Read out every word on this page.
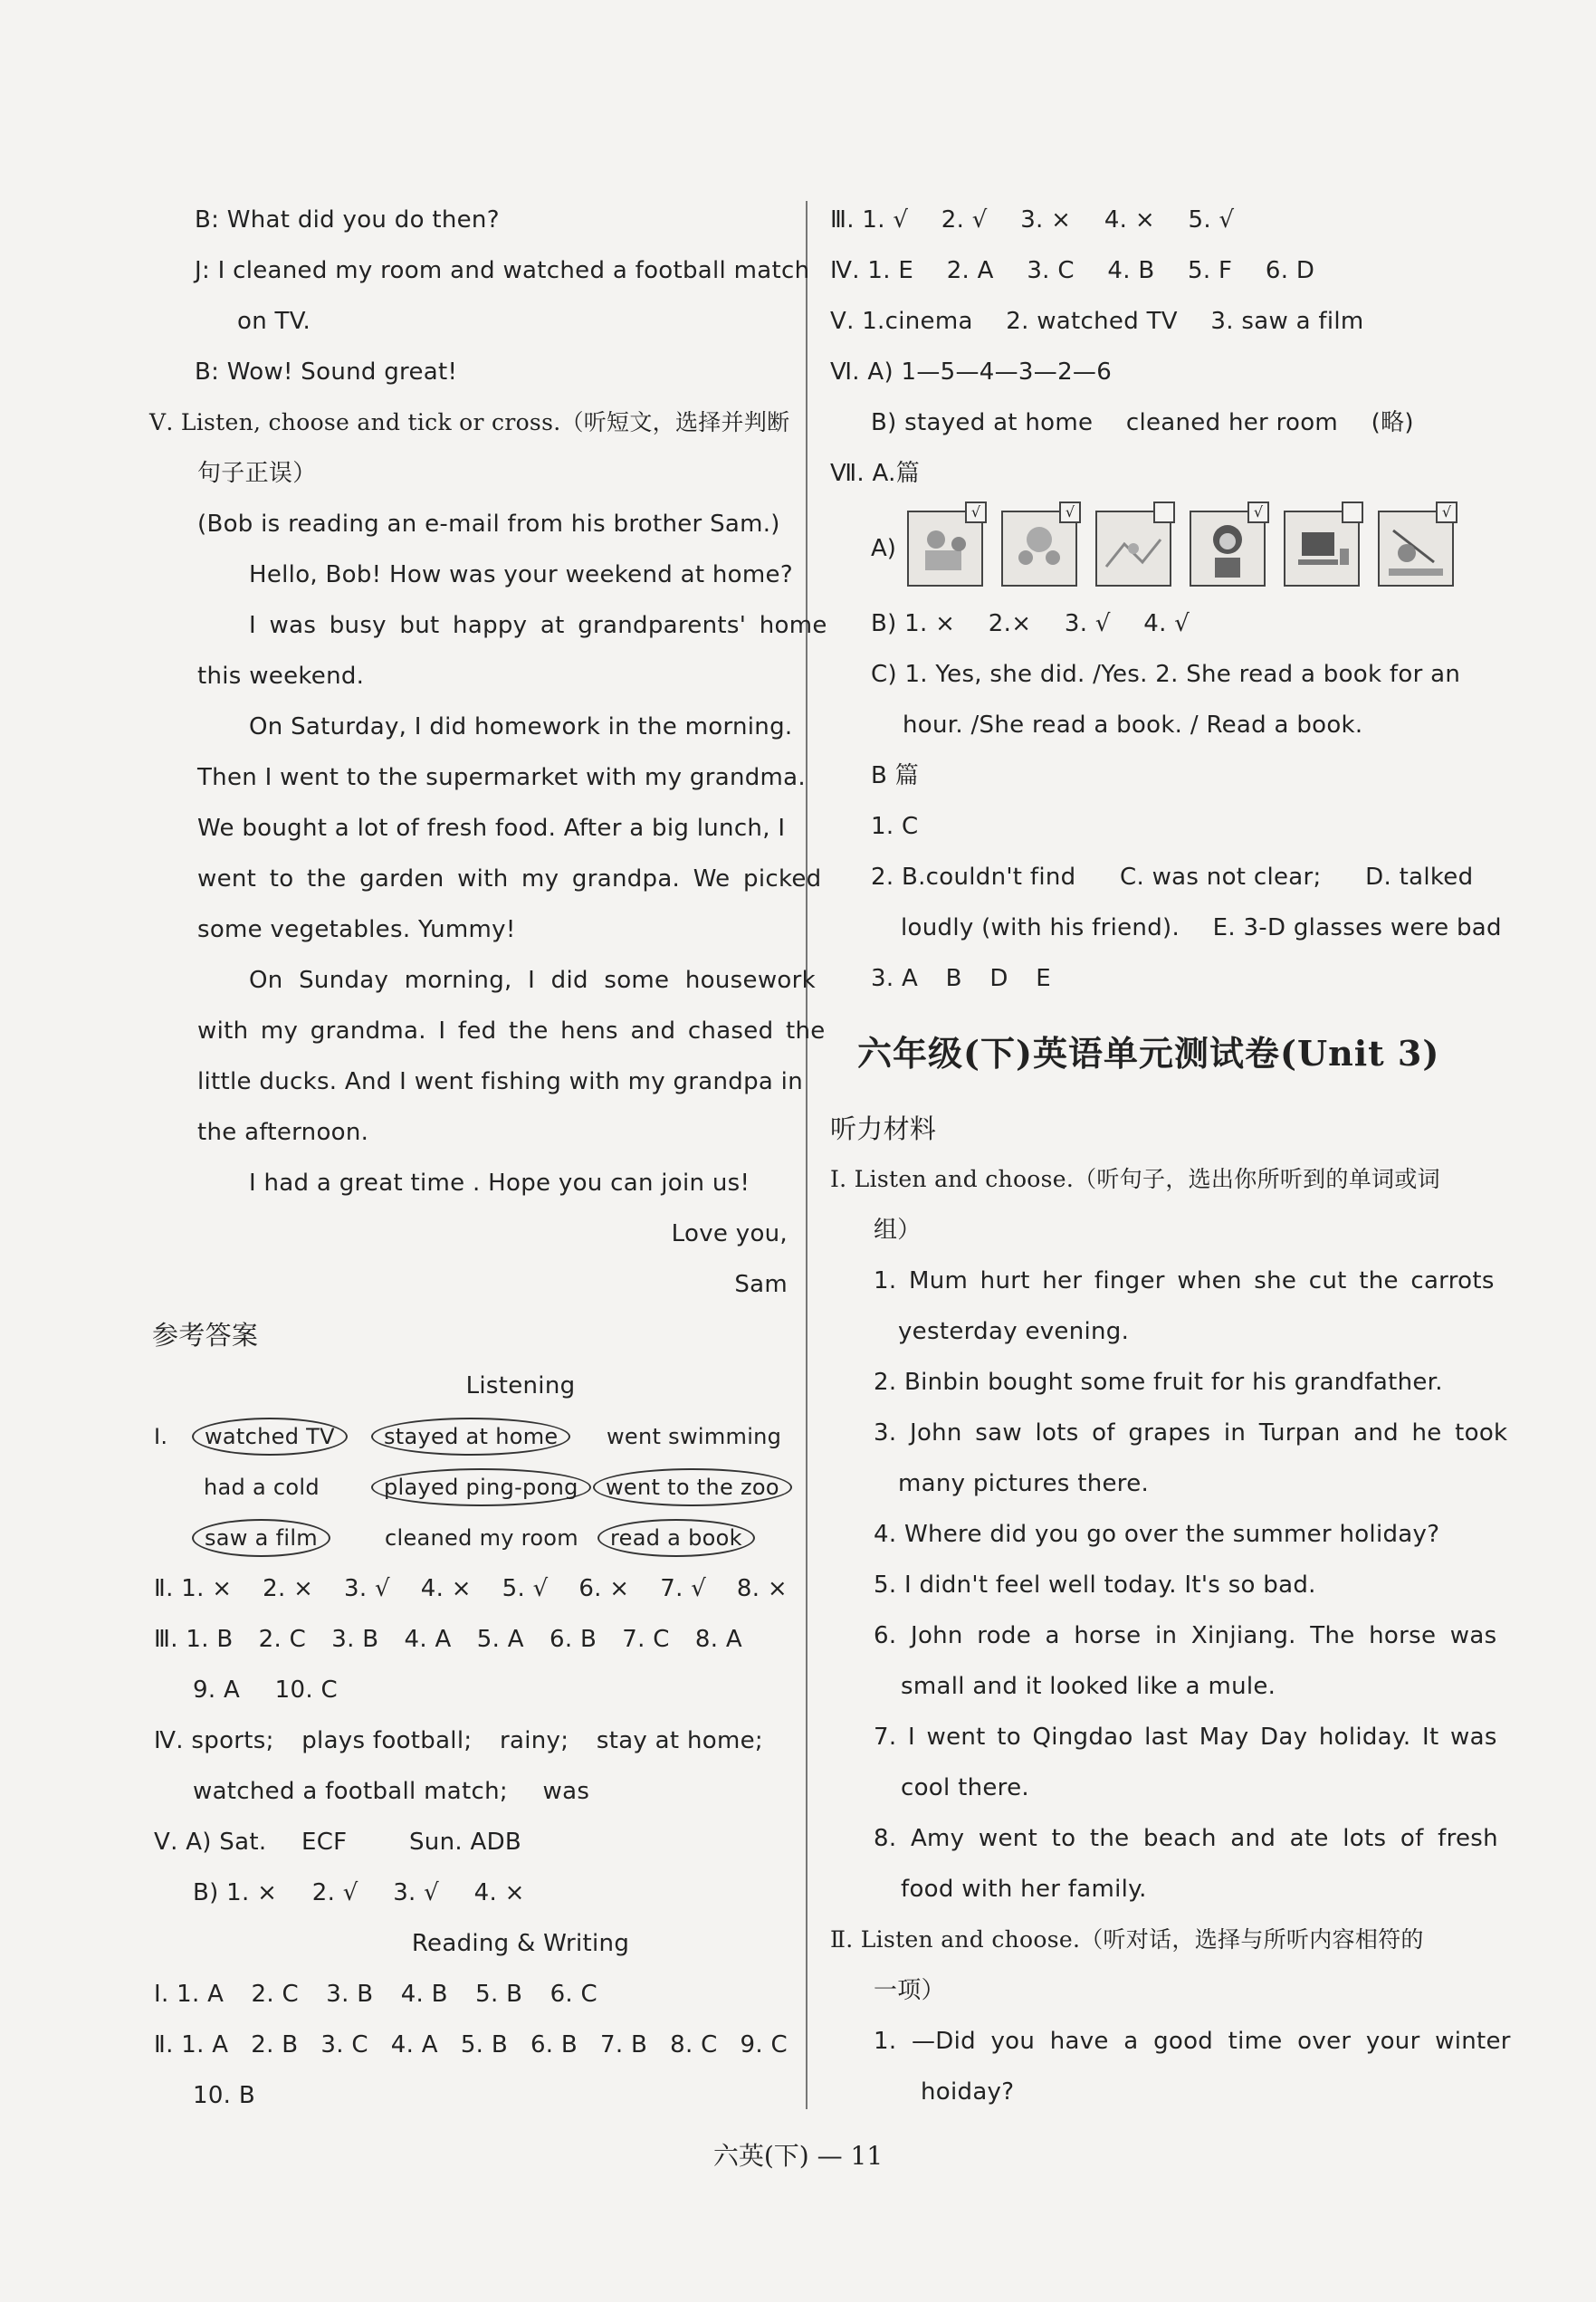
B: What did you do then?
J: I cleaned my room and watched a football match
on TV.
B: Wow! Sound great!
Ⅴ. Listen, choose and tick or cross.（听短文，选择并判断
句子正误）
(Bob is reading an e-mail from his brother Sam.)
Hello, Bob! How was your weekend at home?
I was busy but happy at grandparents' home
this weekend.
On Saturday, I did homework in the morning.
Then I went to the supermarket with my grandma.
We bought a lot of fresh food. After a big lunch, I
went to the garden with my grandpa. We picked
some vegetables. Yummy!
On Sunday morning, I did some housework
with my grandma. I fed the hens and chased the
little ducks. And I went fishing with my grandpa in
the afternoon.
I had a great time . Hope you can join us!
Love you,
Sam
参考答案
Listening
Ⅰ.	watched TV	stayed at home	went swimming
had a cold	played ping-pong	went to the zoo
saw a film	cleaned my room	read a book
Ⅱ. 1. × 2. × 3. √ 4. × 5. √ 6. × 7. √ 8. ×
Ⅲ. 1. B 2. C 3. B 4. A 5. A 6. B 7. C 8. A
9. A 10. C
Ⅳ. sports; plays football; rainy; stay at home;
watched a football match; was
Ⅴ. A) Sat. ECF	Sun. ADB
B) 1. × 2. √ 3. √ 4. ×
Reading & Writing
Ⅰ. 1. A 2. C 3. B 4. B 5. B 6. C
Ⅱ. 1. A 2. B 3. C 4. A 5. B 6. B 7. B 8. C 9. C
10. B
Ⅲ. 1. √ 2. √ 3. × 4. × 5. √
Ⅳ. 1. E 2. A 3. C 4. B 5. F 6. D
Ⅴ. 1.cinema 2. watched TV 3. saw a film
Ⅵ. A) 1—5—4—3—2—6
B) stayed at home cleaned her room (略)
Ⅶ. A.篇
A)
√	√	√	√
B) 1. × 2.× 3. √ 4. √
C) 1. Yes, she did. /Yes. 2. She read a book for an
hour. /She read a book. / Read a book.
B 篇
1. C
2. B.couldn't find C. was not clear; D. talked
loudly (with his friend). E. 3-D glasses were bad
3. A B D E
六年级(下)英语单元测试卷(Unit 3)
听力材料
Ⅰ. Listen and choose.（听句子，选出你所听到的单词或词
组）
1. Mum hurt her finger when she cut the carrots
yesterday evening.
2. Binbin bought some fruit for his grandfather.
3. John saw lots of grapes in Turpan and he took
many pictures there.
4. Where did you go over the summer holiday?
5. I didn't feel well today. It's so bad.
6. John rode a horse in Xinjiang. The horse was
small and it looked like a mule.
7. I went to Qingdao last May Day holiday. It was
cool there.
8. Amy went to the beach and ate lots of fresh
food with her family.
Ⅱ. Listen and choose.（听对话，选择与所听内容相符的
一项）
1. —Did you have a good time over your winter
hoiday?
六英(下) — 11
